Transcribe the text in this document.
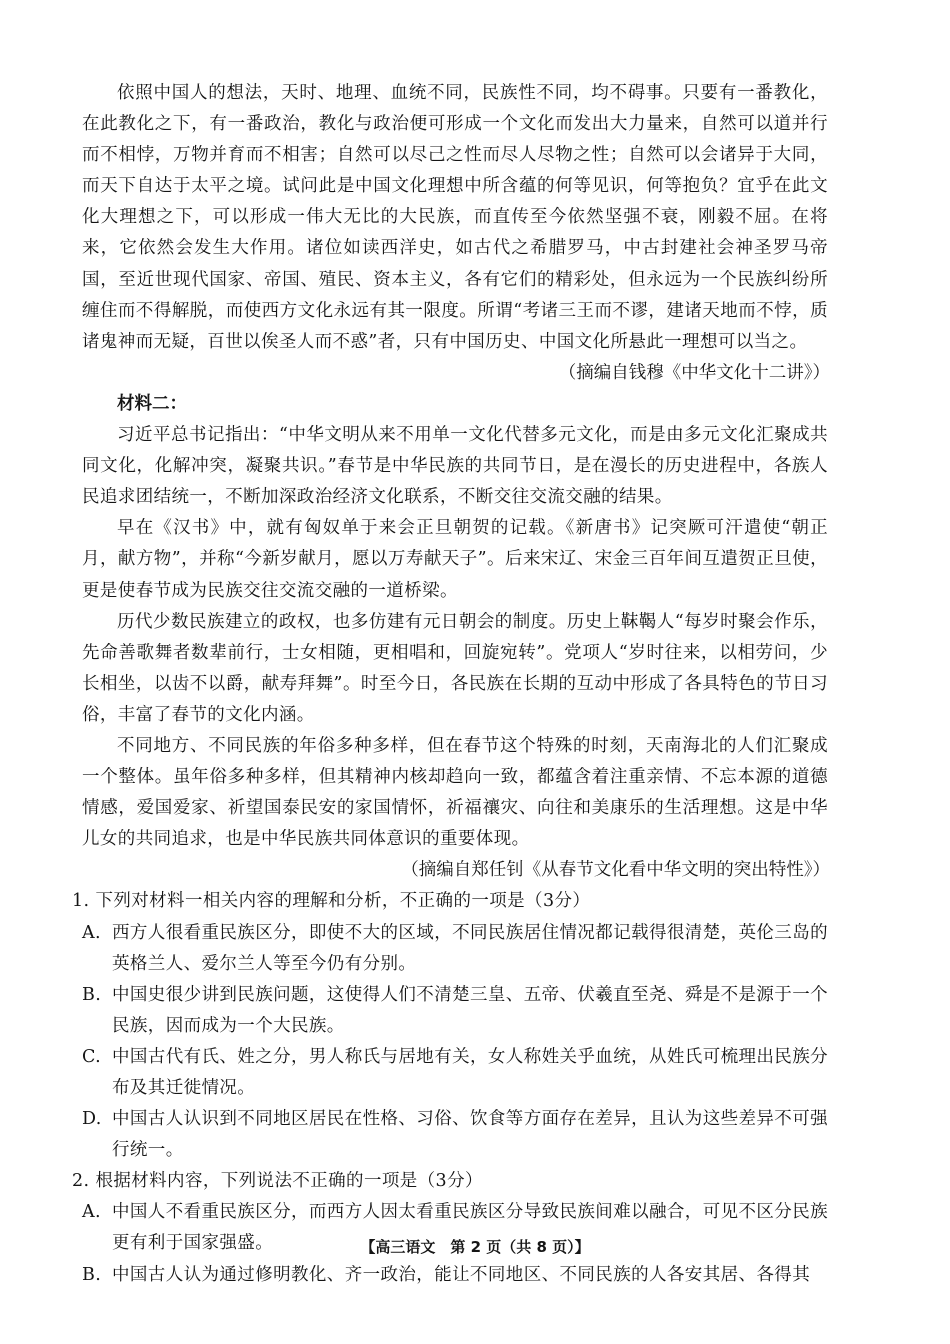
依照中国人的想法，天时、地理、血统不同，民族性不同，均不碍事。只要有一番教化，在此教化之下，有一番政治，教化与政治便可形成一个文化而发出大力量来，自然可以道并行而不相悖，万物并育而不相害；自然可以尽己之性而尽人尽物之性；自然可以会诸异于大同，而天下自达于太平之境。试问此是中国文化理想中所含蕴的何等见识，何等抱负？宜乎在此文化大理想之下，可以形成一伟大无比的大民族，而直传至今依然坚强不衰，刚毅不屈。在将来，它依然会发生大作用。诸位如读西洋史，如古代之希腊罗马，中古封建社会神圣罗马帝国，至近世现代国家、帝国、殖民、资本主义，各有它们的精彩处，但永远为一个民族纠纷所缠住而不得解脱，而使西方文化永远有其一限度。所谓“考诸三王而不谬，建诸天地而不悖，质诸鬼神而无疑，百世以俟圣人而不惑”者，只有中国历史、中国文化所悬此一理想可以当之。

（摘编自钱穆《中华文化十二讲》）

材料二：

习近平总书记指出：“中华文明从来不用单一文化代替多元文化，而是由多元文化汇聚成共同文化，化解冲突，凝聚共识。”春节是中华民族的共同节日，是在漫长的历史进程中，各族人民追求团结统一，不断加深政治经济文化联系，不断交往交流交融的结果。

早在《汉书》中，就有匈奴单于来会正旦朝贺的记载。《新唐书》记突厥可汗遣使“朝正月，献方物”，并称“今新岁献月，愿以万寿献天子”。后来宋辽、宋金三百年间互遣贺正旦使，更是使春节成为民族交往交流交融的一道桥梁。

历代少数民族建立的政权，也多仿建有元日朝会的制度。历史上靺鞨人“每岁时聚会作乐，先命善歌舞者数辈前行，士女相随，更相唱和，回旋宛转”。党项人“岁时往来，以相劳问，少长相坐，以齿不以爵，献寿拜舞”。时至今日，各民族在长期的互动中形成了各具特色的节日习俗，丰富了春节的文化内涵。

不同地方、不同民族的年俗多种多样，但在春节这个特殊的时刻，天南海北的人们汇聚成一个整体。虽年俗多种多样，但其精神内核却趋向一致，都蕴含着注重亲情、不忘本源的道德情感，爱国爱家、祈望国泰民安的家国情怀，祈福禳灾、向往和美康乐的生活理想。这是中华儿女的共同追求，也是中华民族共同体意识的重要体现。

（摘编自郑任钊《从春节文化看中华文明的突出特性》）

1. 下列对材料一相关内容的理解和分析，不正确的一项是（3分）

A. 西方人很看重民族区分，即使不大的区域，不同民族居住情况都记载得很清楚，英伦三岛的英格兰人、爱尔兰人等至今仍有分别。
B. 中国史很少讲到民族问题，这使得人们不清楚三皇、五帝、伏羲直至尧、舜是不是源于一个民族，因而成为一个大民族。
C. 中国古代有氏、姓之分，男人称氏与居地有关，女人称姓关乎血统，从姓氏可梳理出民族分布及其迁徙情况。
D. 中国古人认识到不同地区居民在性格、习俗、饮食等方面存在差异，且认为这些差异不可强行统一。

2. 根据材料内容，下列说法不正确的一项是（3分）

A. 中国人不看重民族区分，而西方人因太看重民族区分导致民族间难以融合，可见不区分民族更有利于国家强盛。
B. 中国古人认为通过修明教化、齐一政治，能让不同地区、不同民族的人各安其居、各得其
【高三语文　第 2 页（共 8 页）】
